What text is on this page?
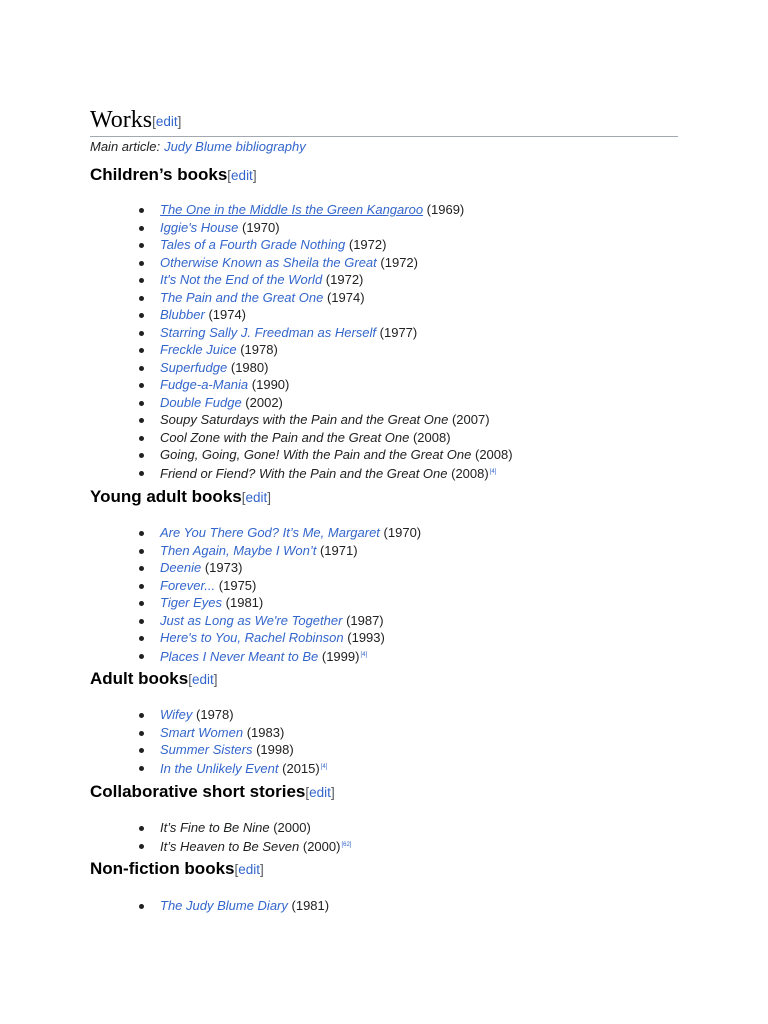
Works[edit]
Main article: Judy Blume bibliography
Children’s books[edit]
The One in the Middle Is the Green Kangaroo (1969)
Iggie's House (1970)
Tales of a Fourth Grade Nothing (1972)
Otherwise Known as Sheila the Great (1972)
It's Not the End of the World (1972)
The Pain and the Great One (1974)
Blubber (1974)
Starring Sally J. Freedman as Herself (1977)
Freckle Juice (1978)
Superfudge (1980)
Fudge-a-Mania (1990)
Double Fudge (2002)
Soupy Saturdays with the Pain and the Great One (2007)
Cool Zone with the Pain and the Great One (2008)
Going, Going, Gone! With the Pain and the Great One (2008)
Friend or Fiend? With the Pain and the Great One (2008)[4]
Young adult books[edit]
Are You There God? It’s Me, Margaret (1970)
Then Again, Maybe I Won’t (1971)
Deenie (1973)
Forever... (1975)
Tiger Eyes (1981)
Just as Long as We're Together (1987)
Here's to You, Rachel Robinson (1993)
Places I Never Meant to Be (1999)[4]
Adult books[edit]
Wifey (1978)
Smart Women (1983)
Summer Sisters (1998)
In the Unlikely Event (2015)[4]
Collaborative short stories[edit]
It’s Fine to Be Nine (2000)
It’s Heaven to Be Seven (2000)[62]
Non-fiction books[edit]
The Judy Blume Diary (1981)
